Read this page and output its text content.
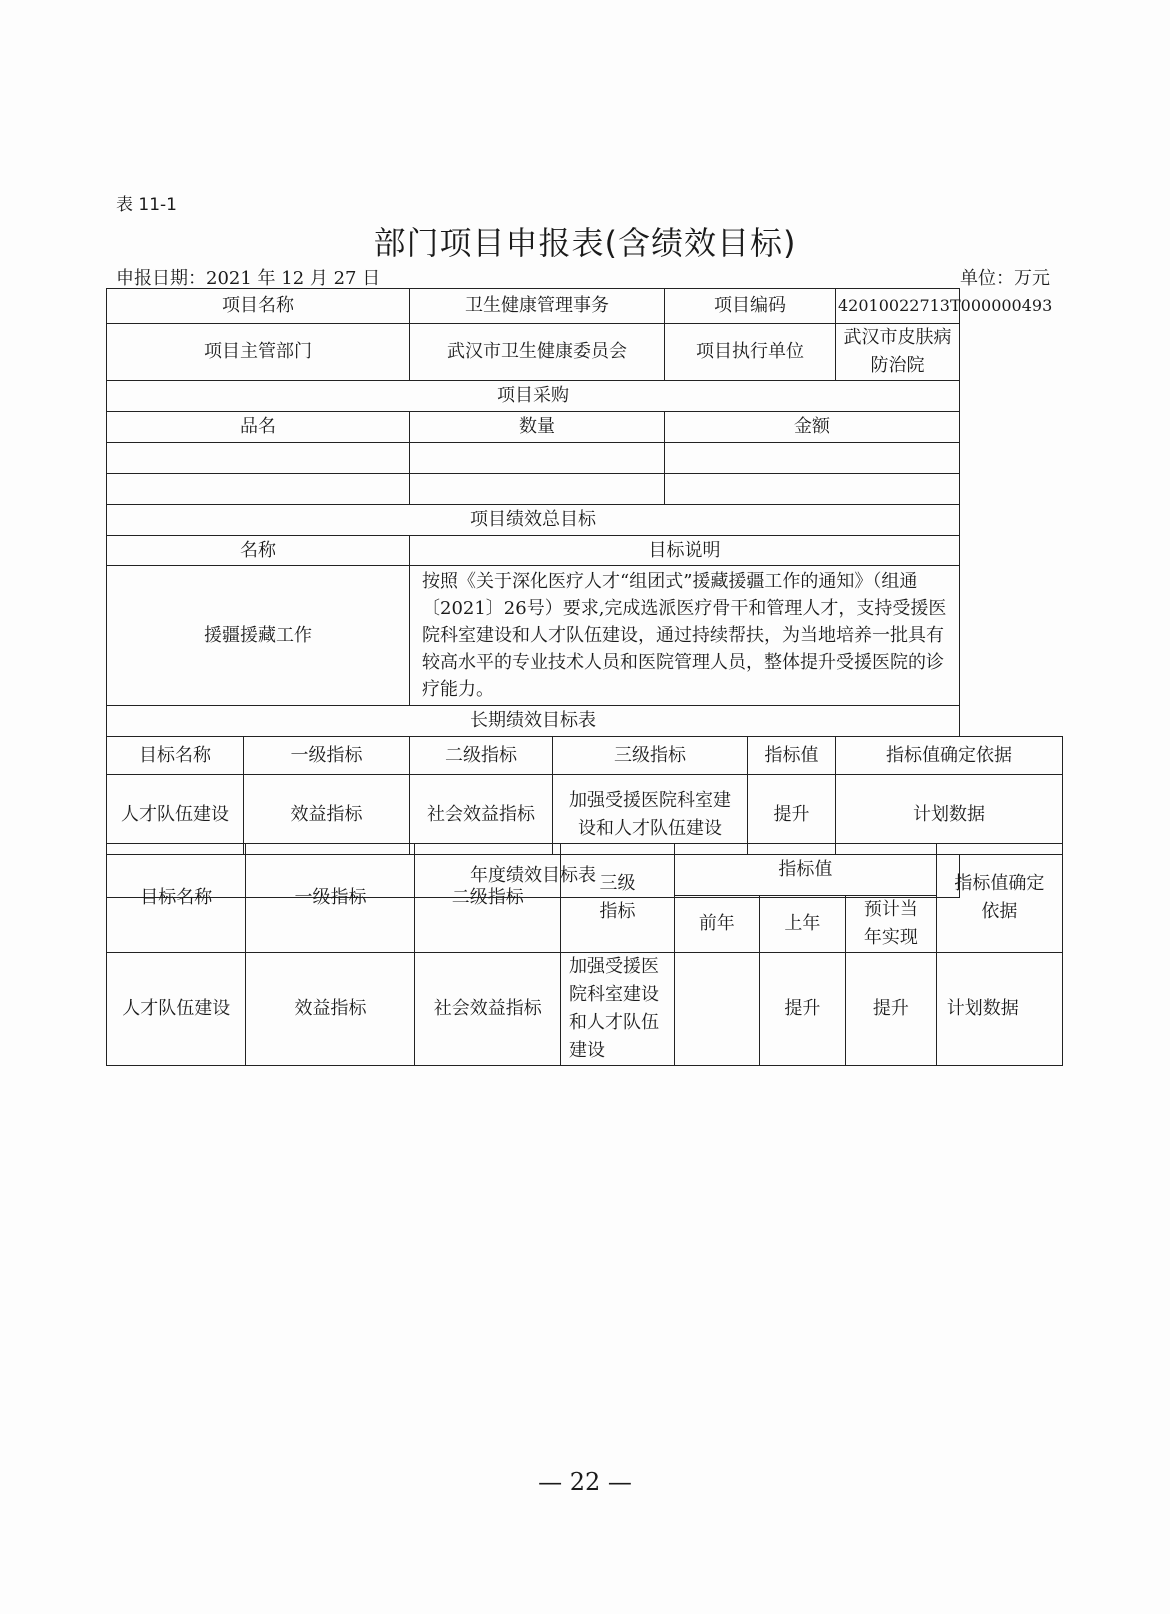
表 11-1
部门项目申报表(含绩效目标)
申报日期：2021 年 12 月 27 日	单位：万元
项目名称		卫生健康管理事务		项目编码		42010022713T000000493
项目主管部门		武汉市卫生健康委员会		项目执行单位		武汉市皮肤病防治院
项目采购						
品名		数量		金额		

项目绩效总目标						
名称		目标说明				
援疆援藏工作		按照《关于深化医疗人才“组团式”援藏援疆工作的通知》（组通〔2021〕26号）要求,完成选派医疗骨干和管理人才，支持受援医院科室建设和人才队伍建设，通过持续帮扶，为当地培养一批具有较高水平的专业技术人员和医院管理人员，整体提升受援医院的诊疗能力。				
长期绩效目标表						
目标名称	一级指标	二级指标	三级指标		指标值	指标值确定依据
人才队伍建设	效益指标	社会效益指标	加强受援医院科室建设和人才队伍建设		提升	计划数据
年度绩效目标表						
目标名称	一级指标	二级指标	三级指标	指标值			指标值确定依据
				前年	上年	预计当年实现	
人才队伍建设	效益指标	社会效益指标	加强受援医院科室建设和人才队伍建设		提升	提升	计划数据
— 22 —
